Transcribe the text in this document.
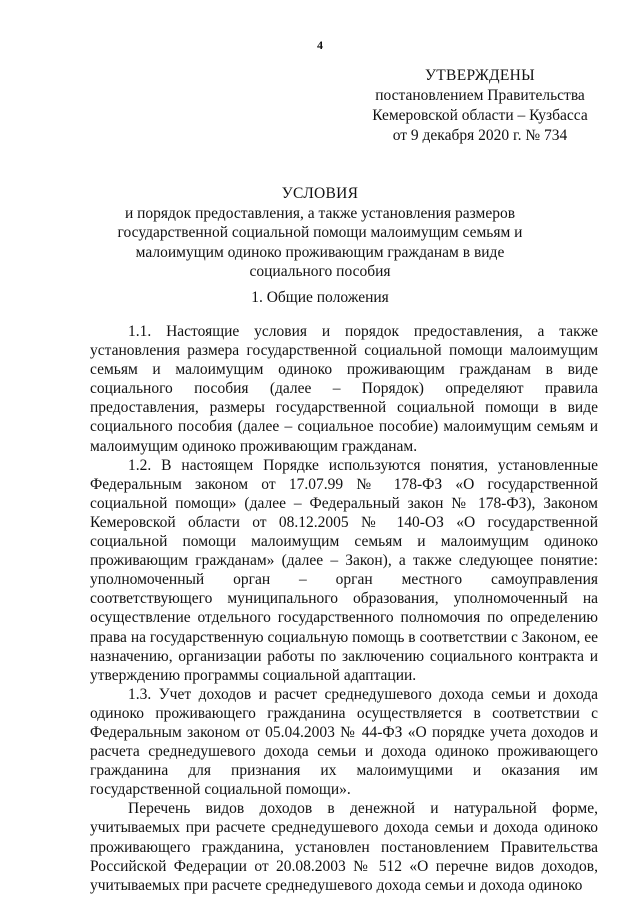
4
УТВЕРЖДЕНЫ
постановлением Правительства
Кемеровской области – Кузбасса
от 9 декабря 2020 г. № 734
УСЛОВИЯ
и порядок предоставления, а также установления размеров
государственной социальной помощи малоимущим семьям и
малоимущим одиноко проживающим гражданам в виде
социального пособия
1. Общие положения

1.1. Настоящие условия и порядок предоставления, а также установления размера государственной социальной помощи малоимущим семьям и малоимущим одиноко проживающим гражданам в виде социального пособия (далее – Порядок) определяют правила предоставления, размеры государственной социальной помощи в виде социального пособия (далее – социальное пособие) малоимущим семьям и малоимущим одиноко проживающим гражданам.

1.2. В настоящем Порядке используются понятия, установленные Федеральным законом от 17.07.99 № 178-ФЗ «О государственной социальной помощи» (далее – Федеральный закон № 178-ФЗ), Законом Кемеровской области от 08.12.2005 № 140-ОЗ «О государственной социальной помощи малоимущим семьям и малоимущим одиноко проживающим гражданам» (далее – Закон), а также следующее понятие: уполномоченный орган – орган местного самоуправления соответствующего муниципального образования, уполномоченный на осуществление отдельного государственного полномочия по определению права на государственную социальную помощь в соответствии с Законом, ее назначению, организации работы по заключению социального контракта и утверждению программы социальной адаптации.

1.3. Учет доходов и расчет среднедушевого дохода семьи и дохода одиноко проживающего гражданина осуществляется в соответствии с Федеральным законом от 05.04.2003 № 44-ФЗ «О порядке учета доходов и расчета среднедушевого дохода семьи и дохода одиноко проживающего гражданина для признания их малоимущими и оказания им государственной социальной помощи».

Перечень видов доходов в денежной и натуральной форме, учитываемых при расчете среднедушевого дохода семьи и дохода одиноко проживающего гражданина, установлен постановлением Правительства Российской Федерации от 20.08.2003 № 512 «О перечне видов доходов, учитываемых при расчете среднедушевого дохода семьи и дохода одиноко
